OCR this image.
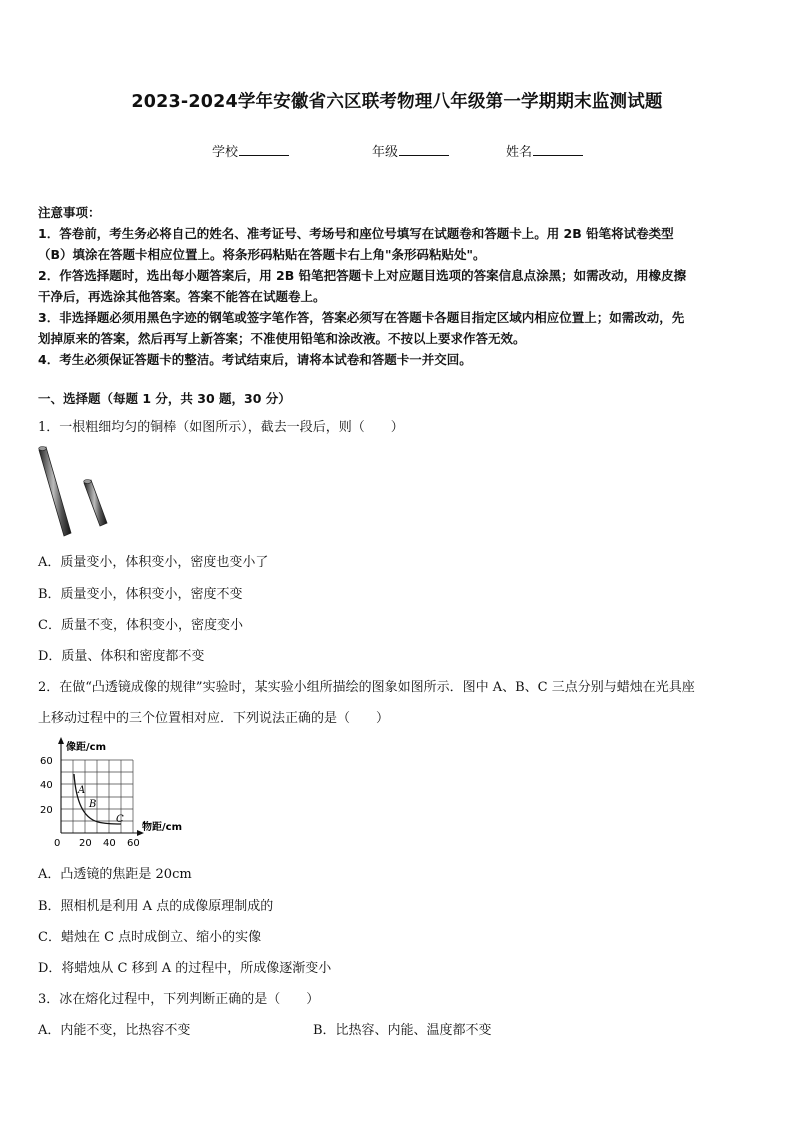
2023-2024学年安徽省六区联考物理八年级第一学期期末监测试题
学校	年级	姓名
注意事项：
1．答卷前，考生务必将自己的姓名、准考证号、考场号和座位号填写在试题卷和答题卡上。用 2B 铅笔将试卷类型
（B）填涂在答题卡相应位置上。将条形码粘贴在答题卡右上角"条形码粘贴处"。
2．作答选择题时，选出每小题答案后，用 2B 铅笔把答题卡上对应题目选项的答案信息点涂黑；如需改动，用橡皮擦
干净后，再选涂其他答案。答案不能答在试题卷上。
3．非选择题必须用黑色字迹的钢笔或签字笔作答，答案必须写在答题卡各题目指定区域内相应位置上；如需改动，先
划掉原来的答案，然后再写上新答案；不准使用铅笔和涂改液。不按以上要求作答无效。
4．考生必须保证答题卡的整洁。考试结束后，请将本试卷和答题卡一并交回。
一、选择题（每题 1 分，共 30 题，30 分）
1．一根粗细均匀的铜棒（如图所示），截去一段后，则（　　）
A．质量变小，体积变小，密度也变小了
B．质量变小，体积变小，密度不变
C．质量不变，体积变小，密度变小
D．质量、体积和密度都不变
2．在做“凸透镜成像的规律”实验时，某实验小组所描绘的图象如图所示．图中 A、B、C 三点分别与蜡烛在光具座
上移动过程中的三个位置相对应．下列说法正确的是（　　）
像距/cm
物距/cm
60
40
20
0 20 40 60
A
B
C
A．凸透镜的焦距是 20cm
B．照相机是利用 A 点的成像原理制成的
C．蜡烛在 C 点时成倒立、缩小的实像
D．将蜡烛从 C 移到 A 的过程中，所成像逐渐变小
3．冰在熔化过程中，下列判断正确的是（　　）
A．内能不变，比热容不变	B．比热容、内能、温度都不变
